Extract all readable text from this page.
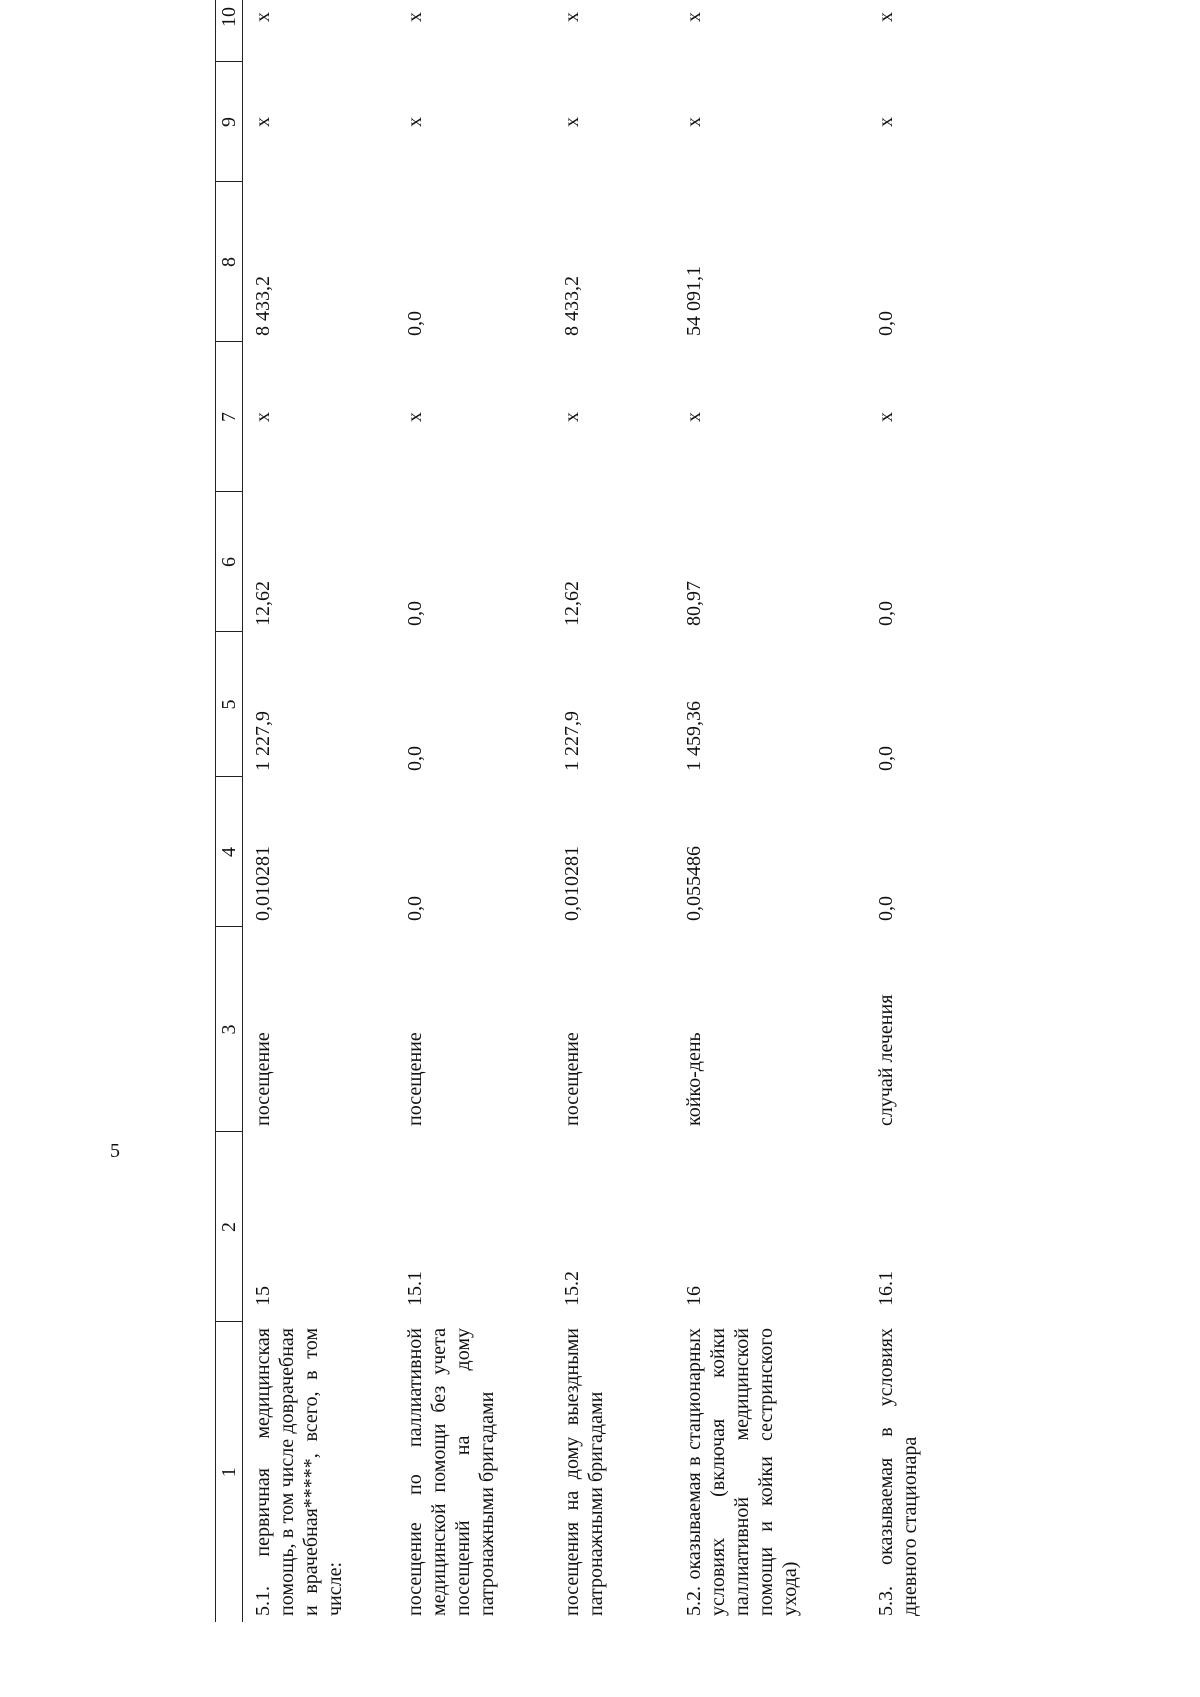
5
1	2	3	4	5	6	7	8	9	10
5.1. первичная медицинская помощь, в том числе доврачебная и врачебная*****, всего, в том числе:	15	посещение	0,010281	1 227,9	12,62	х	8 433,2	х	х
посещение по паллиативной медицинской помощи без учета посещений на дому патронажными бригадами	15.1	посещение	0,0	0,0	0,0	х	0,0	х	х
посещения на дому выездными патронажными бригадами	15.2	посещение	0,010281	1 227,9	12,62	х	8 433,2	х	х
5.2. оказываемая в стационарных условиях (включая койки паллиативной медицинской помощи и койки сестринского ухода)	16	койко-день	0,055486	1 459,36	80,97	х	54 091,1	х	х
5.3. оказываемая в условиях дневного стационара	16.1	случай лечения	0,0	0,0	0,0	х	0,0	х	х
